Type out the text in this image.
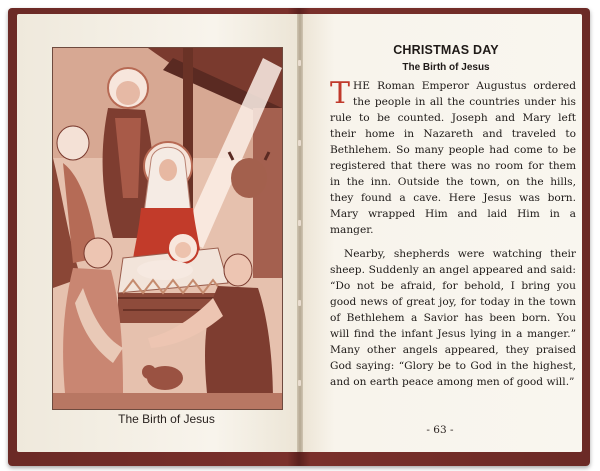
The Birth of Jesus
CHRISTMAS DAY
The Birth of Jesus

THE Roman Emperor Augustus ordered the people in all the countries under his rule to be counted. Joseph and Mary left their home in Nazareth and traveled to Bethlehem. So many people had come to be registered that there was no room for them in the inn. Outside the town, on the hills, they found a cave. Here Jesus was born. Mary wrapped Him and laid Him in a manger.

Nearby, shepherds were watching their sheep. Suddenly an angel appeared and said: “Do not be afraid, for behold, I bring you good news of great joy, for today in the town of Bethlehem a Savior has been born. You will find the infant Jesus lying in a manger.” Many other angels appeared, they praised God saying: “Glory be to God in the highest, and on earth peace among men of good will.”

- 63 -
